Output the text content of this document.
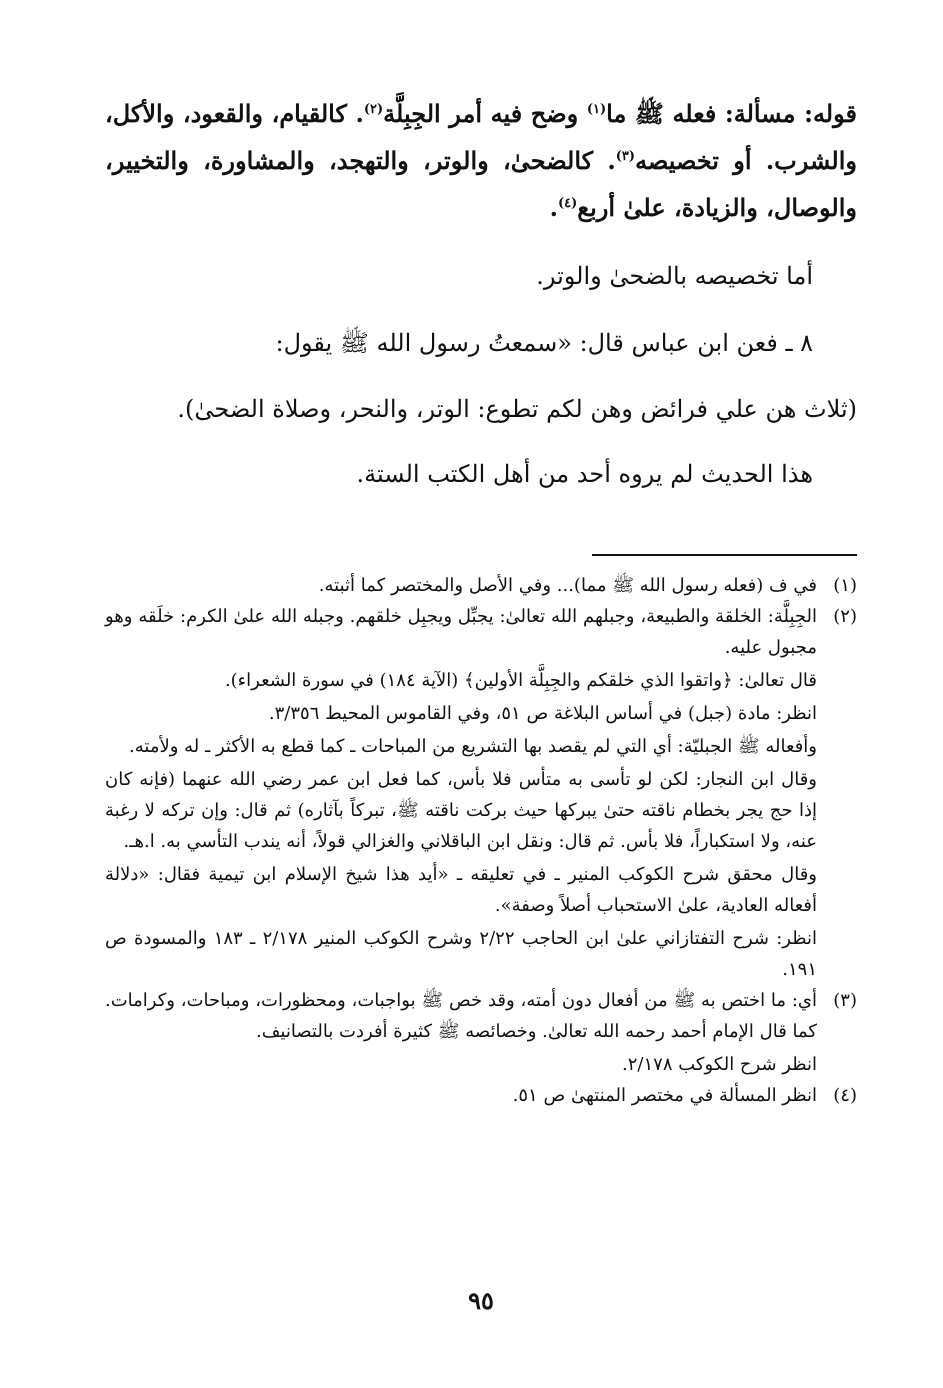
قوله: مسألة: فعله ﷺ ما$^{(١)}$ وضح فيه أمر الجِبِلَّة$^{(٢)}$. كالقيام، والقعود، والأكل، والشرب. أو تخصيصه$^{(٣)}$. كالضحىٰ، والوتر، والتهجد، والمشاورة، والتخيير، والوصال، والزيادة، علىٰ أربع$^{(٤)}$.

أما تخصيصه بالضحىٰ والوتر.

٨ ـ فعن ابن عباس قال: «سمعتُ رسول الله ﷺ يقول:

(ثلاث هن علي فرائض وهن لكم تطوع: الوتر، والنحر، وصلاة الضحىٰ).

هذا الحديث لم يروه أحد من أهل الكتب الستة.

(١)

في ف (فعله رسول الله ﷺ مما)... وفي الأصل والمختصر كما أثبته.

(٢)

الجِبِلَّة: الخلقة والطبيعة، وجبلهم الله تعالىٰ: يجبِّل ويجبِل خلقهم. وجبله الله علىٰ الكرم: خلَقه وهو مجبول عليه.

قال تعالىٰ: ﴿واتقوا الذي خلقكم والجِبِلَّة الأولين﴾ (الآية ١٨٤) في سورة الشعراء).

انظر: مادة (جبل) في أساس البلاغة ص ٥١، وفي القاموس المحيط ٣/٣٥٦.

وأفعاله ﷺ الجبليّة: أي التي لم يقصد بها التشريع من المباحات ـ كما قطع به الأكثر ـ له ولأمته.

وقال ابن النجار: لكن لو تأسى به متأس فلا بأس، كما فعل ابن عمر رضي الله عنهما (فإنه كان إذا حج يجر بخطام ناقته حتىٰ يبركها حيث بركت ناقته ﷺ، تبركاً بآثاره) ثم قال: وإن تركه لا رغبة عنه، ولا استكباراً، فلا بأس. ثم قال: ونقل ابن الباقلاني والغزالي قولاً، أنه يندب التأسي به. ا.هـ.

وقال محقق شرح الكوكب المنير ـ في تعليقه ـ «أيد هذا شيخ الإسلام ابن تيمية فقال: «دلالة أفعاله العادية، علىٰ الاستحباب أصلاً وصفة».

انظر: شرح التفتازاني علىٰ ابن الحاجب ٢/٢٢ وشرح الكوكب المنير ٢/١٧٨ ـ ١٨٣ والمسودة ص ١٩١.

(٣)

أي: ما اختص به ﷺ من أفعال دون أمته، وقد خص ﷺ بواجبات، ومحظورات، ومباحات، وكرامات. كما قال الإمام أحمد رحمه الله تعالىٰ. وخصائصه ﷺ كثيرة أفردت بالتصانيف.

انظر شرح الكوكب ٢/١٧٨.

(٤)

انظر المسألة في مختصر المنتهىٰ ص ٥١.

٩٥
